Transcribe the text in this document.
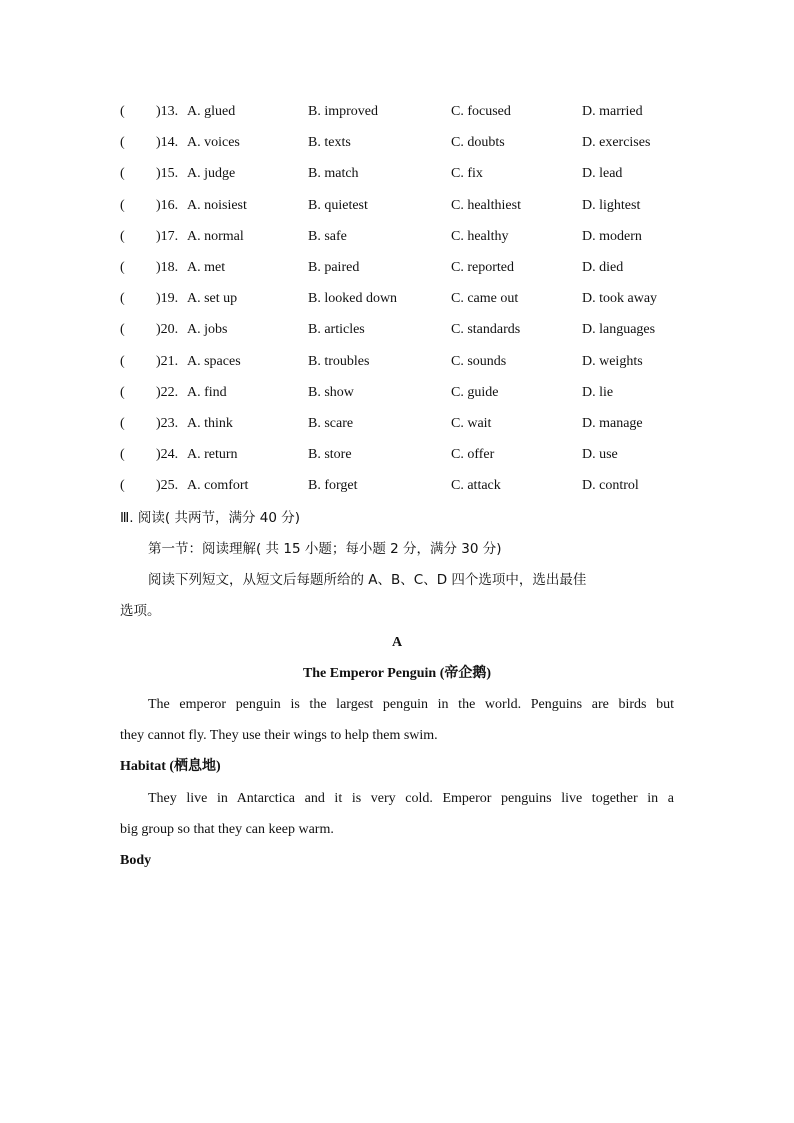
( )13. A. glued	B. improved	C. focused	D. married
( )14. A. voices	B. texts	C. doubts	D. exercises
( )15. A. judge	B. match	C. fix	D. lead
( )16. A. noisiest	B. quietest	C. healthiest	D. lightest
( )17. A. normal	B. safe	C. healthy	D. modern
( )18. A. met	B. paired	C. reported	D. died
( )19. A. set up	B. looked down	C. came out	D. took away
( )20. A. jobs	B. articles	C. standards	D. languages
( )21. A. spaces	B. troubles	C. sounds	D. weights
( )22. A. find	B. show	C. guide	D. lie
( )23. A. think	B. scare	C. wait	D. manage
( )24. A. return	B. store	C. offer	D. use
( )25. A. comfort	B. forget	C. attack	D. control
Ⅲ. 阅读( 共两节，满分 40 分)
第一节：阅读理解( 共 15 小题；每小题 2 分，满分 30 分)
阅读下列短文，从短文后每题所给的 A、B、C、D 四个选项中，选出最佳
选项。
A
The Emperor Penguin (帝企鹅)
The emperor penguin is the largest penguin in the world. Penguins are birds but
they cannot fly. They use their wings to help them swim.
Habitat (栖息地)
They live in Antarctica and it is very cold. Emperor penguins live together in a
big group so that they can keep warm.
Body
